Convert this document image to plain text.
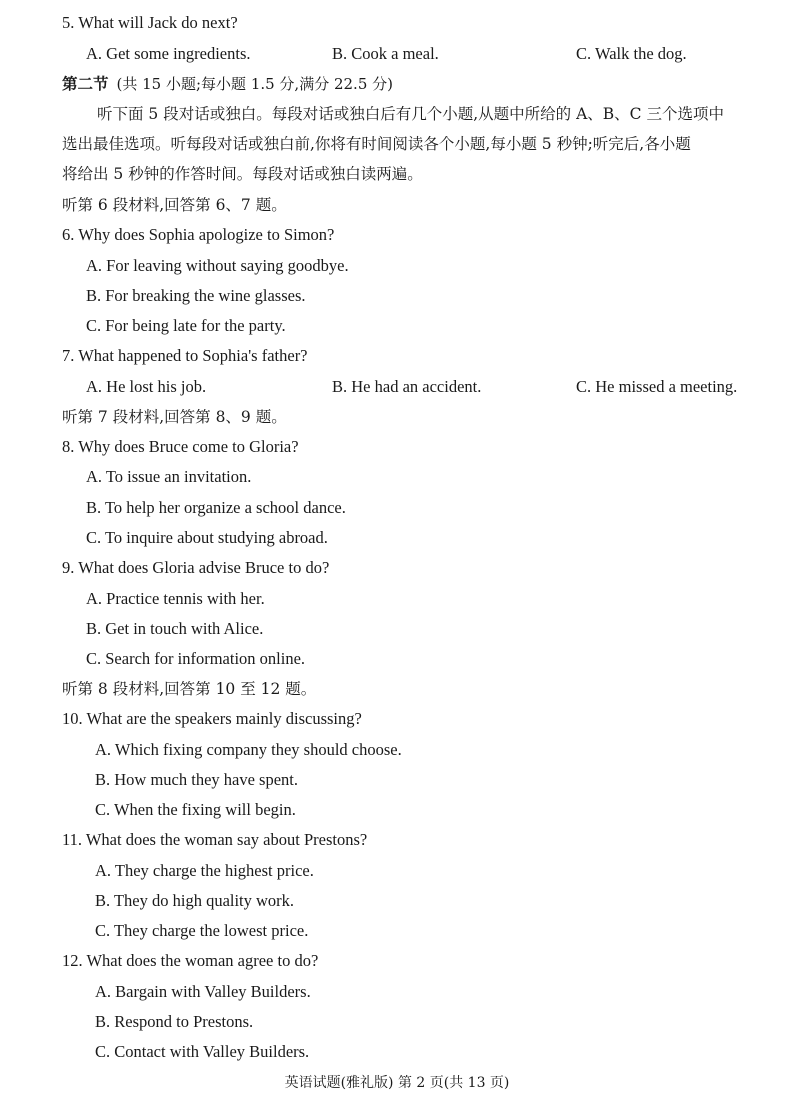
5. What will Jack do next?
A. Get some ingredients.	B. Cook a meal.	C. Walk the dog.
第二节 (共 15 小题;每小题 1.5 分,满分 22.5 分)
听下面 5 段对话或独白。每段对话或独白后有几个小题,从题中所给的 A、B、C 三个选项中
选出最佳选项。听每段对话或独白前,你将有时间阅读各个小题,每小题 5 秒钟;听完后,各小题
将给出 5 秒钟的作答时间。每段对话或独白读两遍。
听第 6 段材料,回答第 6、7 题。
6. Why does Sophia apologize to Simon?
A. For leaving without saying goodbye.
B. For breaking the wine glasses.
C. For being late for the party.
7. What happened to Sophia's father?
A. He lost his job.	B. He had an accident.	C. He missed a meeting.
听第 7 段材料,回答第 8、9 题。
8. Why does Bruce come to Gloria?
A. To issue an invitation.
B. To help her organize a school dance.
C. To inquire about studying abroad.
9. What does Gloria advise Bruce to do?
A. Practice tennis with her.
B. Get in touch with Alice.
C. Search for information online.
听第 8 段材料,回答第 10 至 12 题。
10. What are the speakers mainly discussing?
A. Which fixing company they should choose.
B. How much they have spent.
C. When the fixing will begin.
11. What does the woman say about Prestons?
A. They charge the highest price.
B. They do high quality work.
C. They charge the lowest price.
12. What does the woman agree to do?
A. Bargain with Valley Builders.
B. Respond to Prestons.
C. Contact with Valley Builders.
英语试题(雅礼版) 第 2 页(共 13 页)
